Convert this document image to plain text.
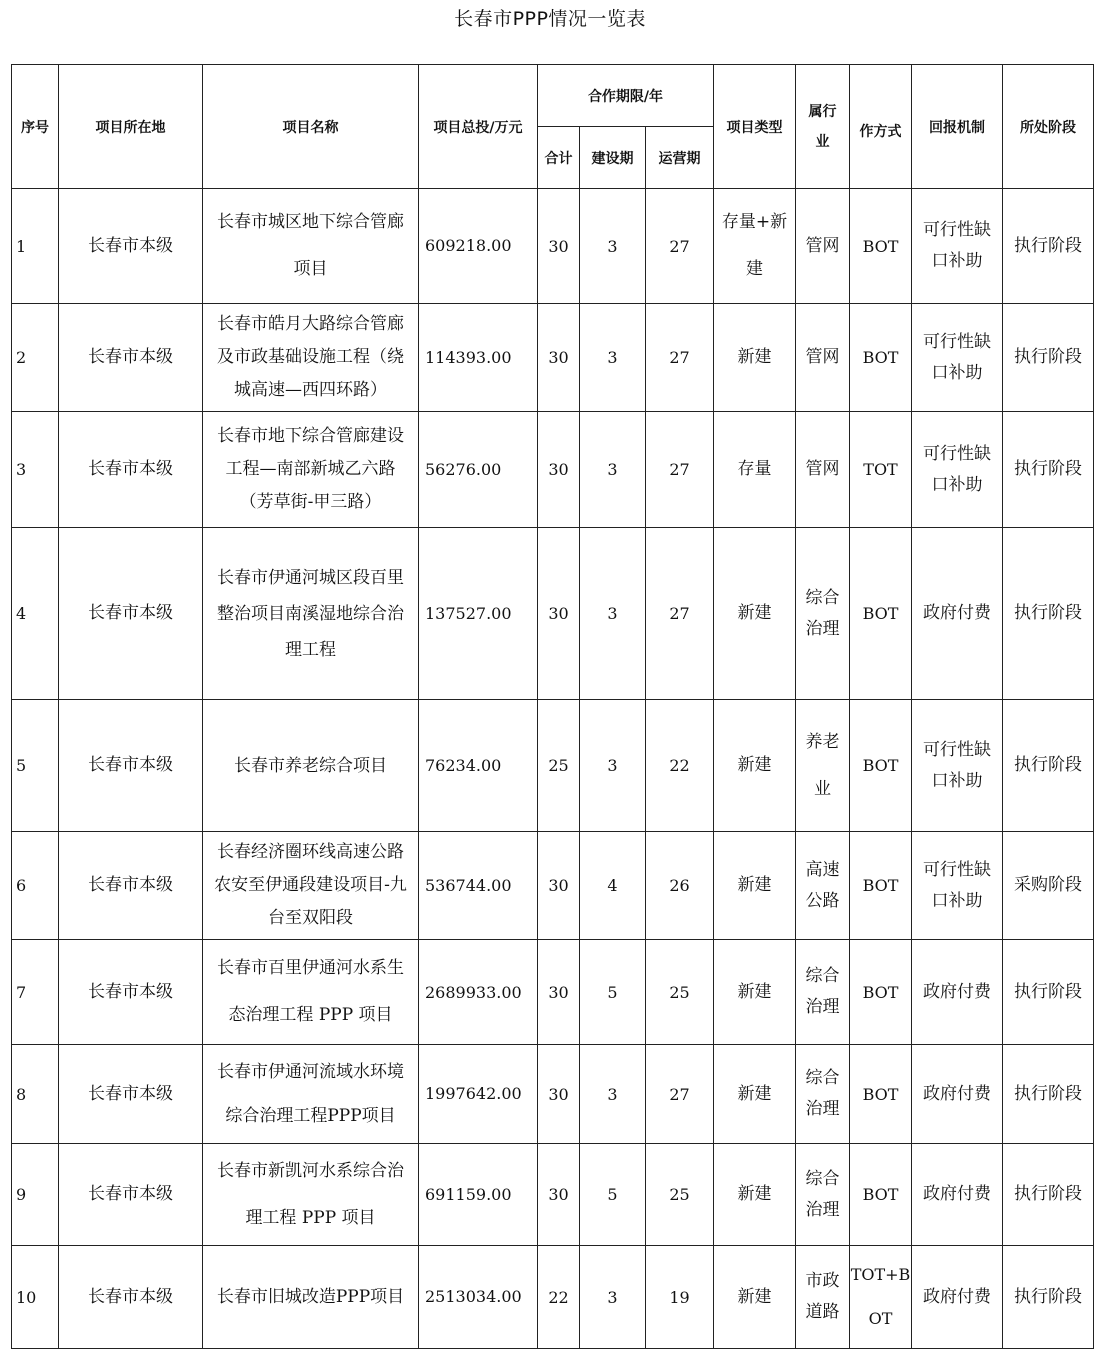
长春市PPP情况一览表
序号	项目所在地	项目名称	项目总投/万元	合作期限/年			项目类型	属行业	作方式	回报机制	所处阶段
				合计	建设期	运营期					
1	长春市本级	长春市城区地下综合管廊项目	609218.00	30	3	27	存量+新建	管网	BOT	可行性缺口补助	执行阶段
2	长春市本级	长春市皓月大路综合管廊及市政基础设施工程（绕城高速—西四环路）	114393.00	30	3	27	新建	管网	BOT	可行性缺口补助	执行阶段
3	长春市本级	长春市地下综合管廊建设工程—南部新城乙六路（芳草街-甲三路）	56276.00	30	3	27	存量	管网	TOT	可行性缺口补助	执行阶段
4	长春市本级	长春市伊通河城区段百里整治项目南溪湿地综合治理工程	137527.00	30	3	27	新建	综合治理	BOT	政府付费	执行阶段
5	长春市本级	长春市养老综合项目	76234.00	25	3	22	新建	养老业	BOT	可行性缺口补助	执行阶段
6	长春市本级	长春经济圈环线高速公路农安至伊通段建设项目-九台至双阳段	536744.00	30	4	26	新建	高速公路	BOT	可行性缺口补助	采购阶段
7	长春市本级	长春市百里伊通河水系生态治理工程 PPP 项目	2689933.00	30	5	25	新建	综合治理	BOT	政府付费	执行阶段
8	长春市本级	长春市伊通河流域水环境综合治理工程PPP项目	1997642.00	30	3	27	新建	综合治理	BOT	政府付费	执行阶段
9	长春市本级	长春市新凯河水系综合治理工程 PPP 项目	691159.00	30	5	25	新建	综合治理	BOT	政府付费	执行阶段
10	长春市本级	长春市旧城改造PPP项目	2513034.00	22	3	19	新建	市政道路	TOT+BOT	政府付费	执行阶段
